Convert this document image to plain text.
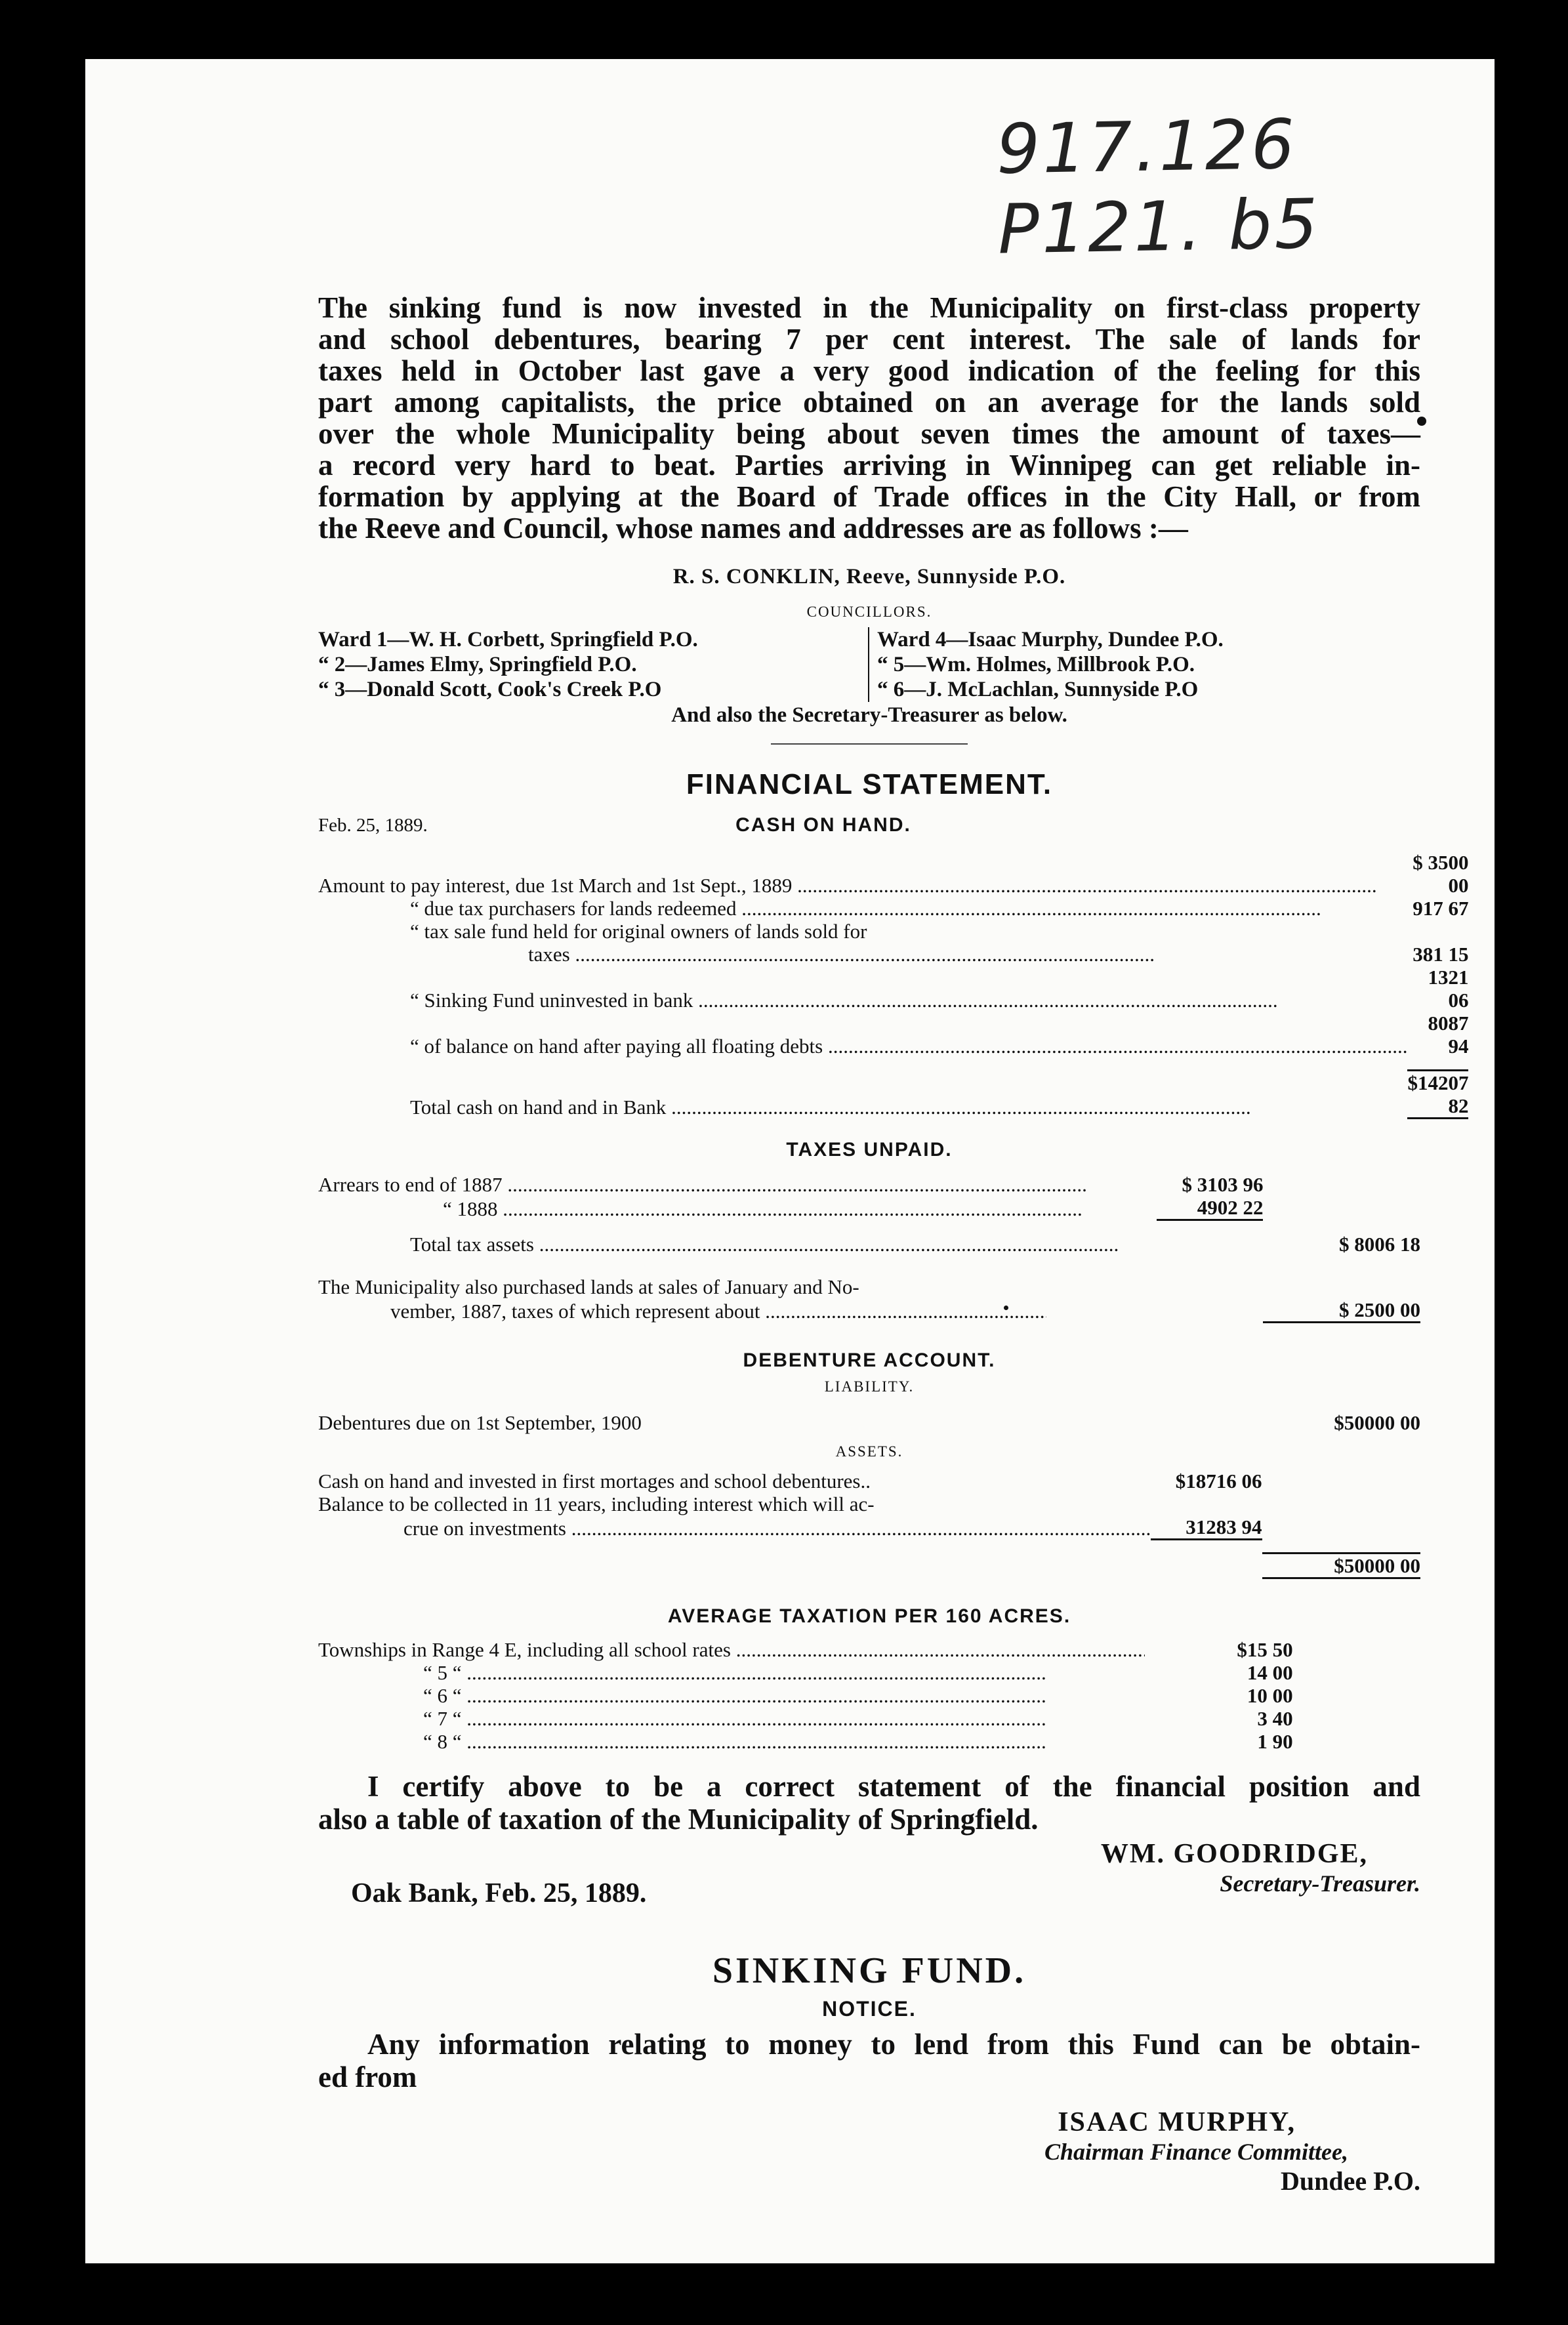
917.126 P121. b5

The sinking fund is now invested in the Municipality on first-class property
and school debentures, bearing 7 per cent interest. The sale of lands for
taxes held in October last gave a very good indication of the feeling for this
part among capitalists, the price obtained on an average for the lands sold
over the whole Municipality being about seven times the amount of taxes—
a record very hard to beat. Parties arriving in Winnipeg can get reliable in-
formation by applying at the Board of Trade offices in the City Hall, or from
the Reeve and Council, whose names and addresses are as follows :—

R. S. CONKLIN, Reeve, Sunnyside P.O.
COUNCILLORS.
Ward 1—W. H. Corbett, Springfield P.O.
“ 2—James Elmy, Springfield P.O.
“ 3—Donald Scott, Cook's Creek P.O
Ward 4—Isaac Murphy, Dundee P.O.
“ 5—Wm. Holmes, Millbrook P.O.
“ 6—J. McLachlan, Sunnyside P.O
And also the Secretary-Treasurer as below.
FINANCIAL STATEMENT.
Feb. 25, 1889.	CASH ON HAND.
Amount to pay interest, due 1st March and 1st Sept., 1889 .....		$ 3500 00

“ due tax purchasers for lands redeemed .....		917 67
“ tax sale fund held for original owners of lands sold for		

taxes .....		381 15

“ Sinking Fund uninvested in bank .....		1321 06

“ of balance on hand after paying all floating debts .....		8087 94

Total cash on hand and in Bank .....		$14207 82
TAXES UNPAID.
Arrears to end of 1887 .....	$ 3103 96	

“ 1888 .....	4902 22	

Total tax assets .....		$ 8006 18

The Municipality also purchased lands at sales of January and No-		

vember, 1887, taxes of which represent about .....		$ 2500 00
DEBENTURE ACCOUNT.
LIABILITY.
Debentures due on 1st September, 1900		$50000 00
ASSETS.
Cash on hand and invested in first mortages and school debentures..	$18716 06	
Balance to be collected in 11 years, including interest which will ac-		

crue on investments .....	31283 94	

		$50000 00
AVERAGE TAXATION PER 160 ACRES.
Townships in Range 4 E, including all school rates .....	$15 50	

“ 5 “ .....	14 00	

“ 6 “ .....	10 00	

“ 7 “ .....	3 40	

“ 8 “ .....	1 90	
I certify above to be a correct statement of the financial position and
also a table of taxation of the Municipality of Springfield.
Oak Bank, Feb. 25, 1889.
WM. GOODRIDGE,
Secretary-Treasurer.
SINKING FUND.
NOTICE.
Any information relating to money to lend from this Fund can be obtain-
ed from
ISAAC MURPHY,
Chairman Finance Committee,
Dundee P.O.
